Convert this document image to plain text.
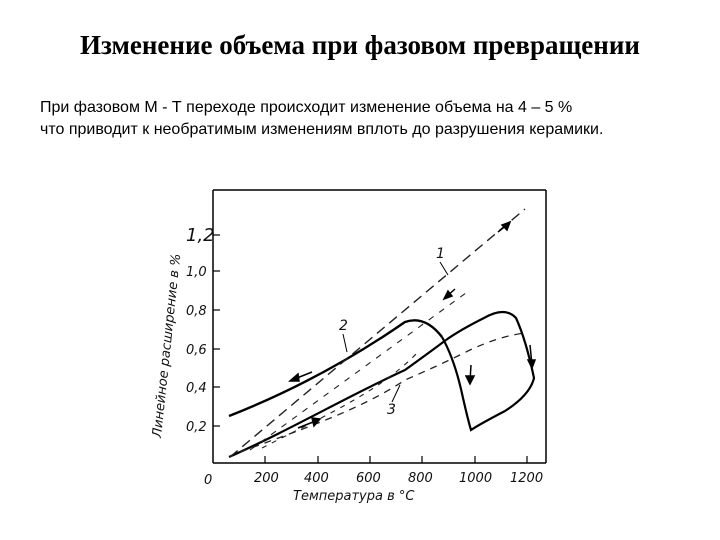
Изменение объема при фазовом превращении
При фазовом М - Т переходе происходит изменение объема на 4 – 5 %
что приводит к необратимым изменениям вплоть до разрушения керамики.
0,2
0,4
0,6
0,8
1,0
1,2
0	200 400 600 800 1000 1200
Температура в °С
Линейное расширение в %	1
2
3
